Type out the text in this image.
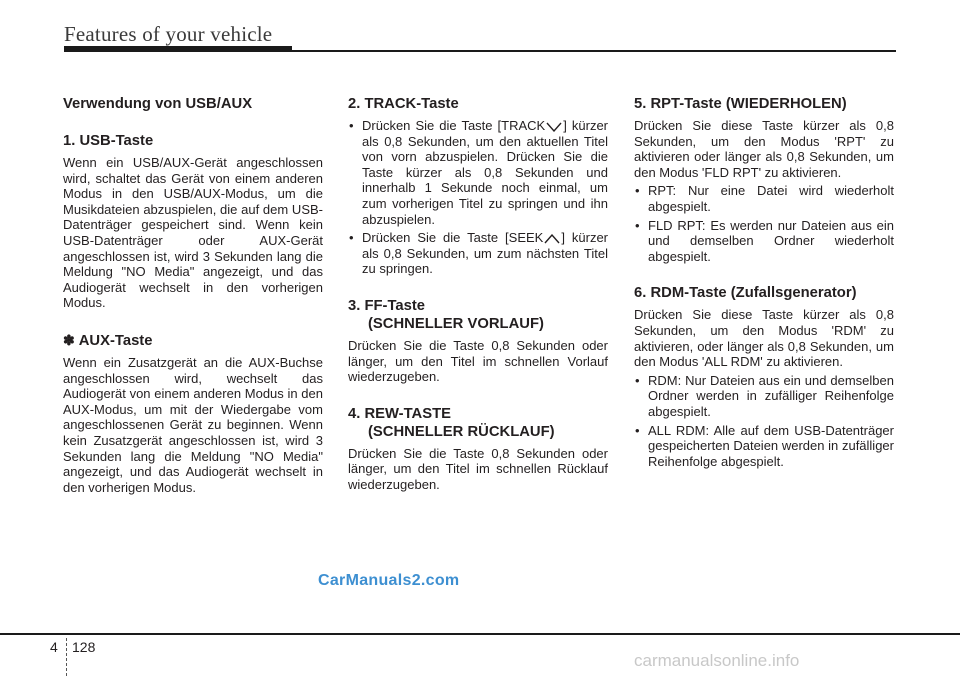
Features of your vehicle
Verwendung von USB/AUX
1. USB-Taste

Wenn ein USB/AUX-Gerät angeschlossen wird, schaltet das Gerät von einem anderen Modus in den USB/AUX-Modus, um die Musikdateien abzuspielen, die auf dem USB-Datenträger gespeichert sind. Wenn kein USB-Datenträger oder AUX-Gerät angeschlossen ist, wird 3 Sekunden lang die Meldung "NO Media" angezeigt, und das Audiogerät wechselt in den vorherigen Modus.

✽ AUX-Taste

Wenn ein Zusatzgerät an die AUX-Buchse angeschlossen wird, wechselt das Audiogerät von einem anderen Modus in den AUX-Modus, um mit der Wiedergabe vom angeschlossenen Gerät zu beginnen. Wenn kein Zusatzgerät angeschlossen ist, wird 3 Sekunden lang die Meldung "NO Media" angezeigt, und das Audiogerät wechselt in den vorherigen Modus.

2. TRACK-Taste
• Drücken Sie die Taste [TRACK ] kürzer als 0,8 Sekunden, um den aktuellen Titel von vorn abzuspielen. Drücken Sie die Taste kürzer als 0,8 Sekunden und innerhalb 1 Sekunde noch einmal, um zum vorherigen Titel zu springen und ihn abzuspielen.
• Drücken Sie die Taste [SEEK ] kürzer als 0,8 Sekunden, um zum nächsten Titel zu springen.
3. FF-Taste
(SCHNELLER VORLAUF)

Drücken Sie die Taste 0,8 Sekunden oder länger, um den Titel im schnellen Vorlauf wiederzugeben.

4. REW-TASTE
(SCHNELLER RÜCKLAUF)

Drücken Sie die Taste 0,8 Sekunden oder länger, um den Titel im schnellen Rücklauf wiederzugeben.

5. RPT-Taste (WIEDERHOLEN)

Drücken Sie diese Taste kürzer als 0,8 Sekunden, um den Modus 'RPT' zu aktivieren oder länger als 0,8 Sekunden, um den Modus 'FLD RPT' zu aktivieren.

• RPT: Nur eine Datei wird wiederholt abgespielt.
• FLD RPT: Es werden nur Dateien aus ein und demselben Ordner wiederholt abgespielt.
6. RDM-Taste (Zufallsgenerator)

Drücken Sie diese Taste kürzer als 0,8 Sekunden, um den Modus 'RDM' zu aktivieren, oder länger als 0,8 Sekunden, um den Modus 'ALL RDM' zu aktivieren.

• RDM: Nur Dateien aus ein und demselben Ordner werden in zufälliger Reihenfolge abgespielt.
• ALL RDM: Alle auf dem USB-Datenträger gespeicherten Dateien werden in zufälliger Reihenfolge abgespielt.
CarManuals2.com
4 128
carmanualsonline.info
